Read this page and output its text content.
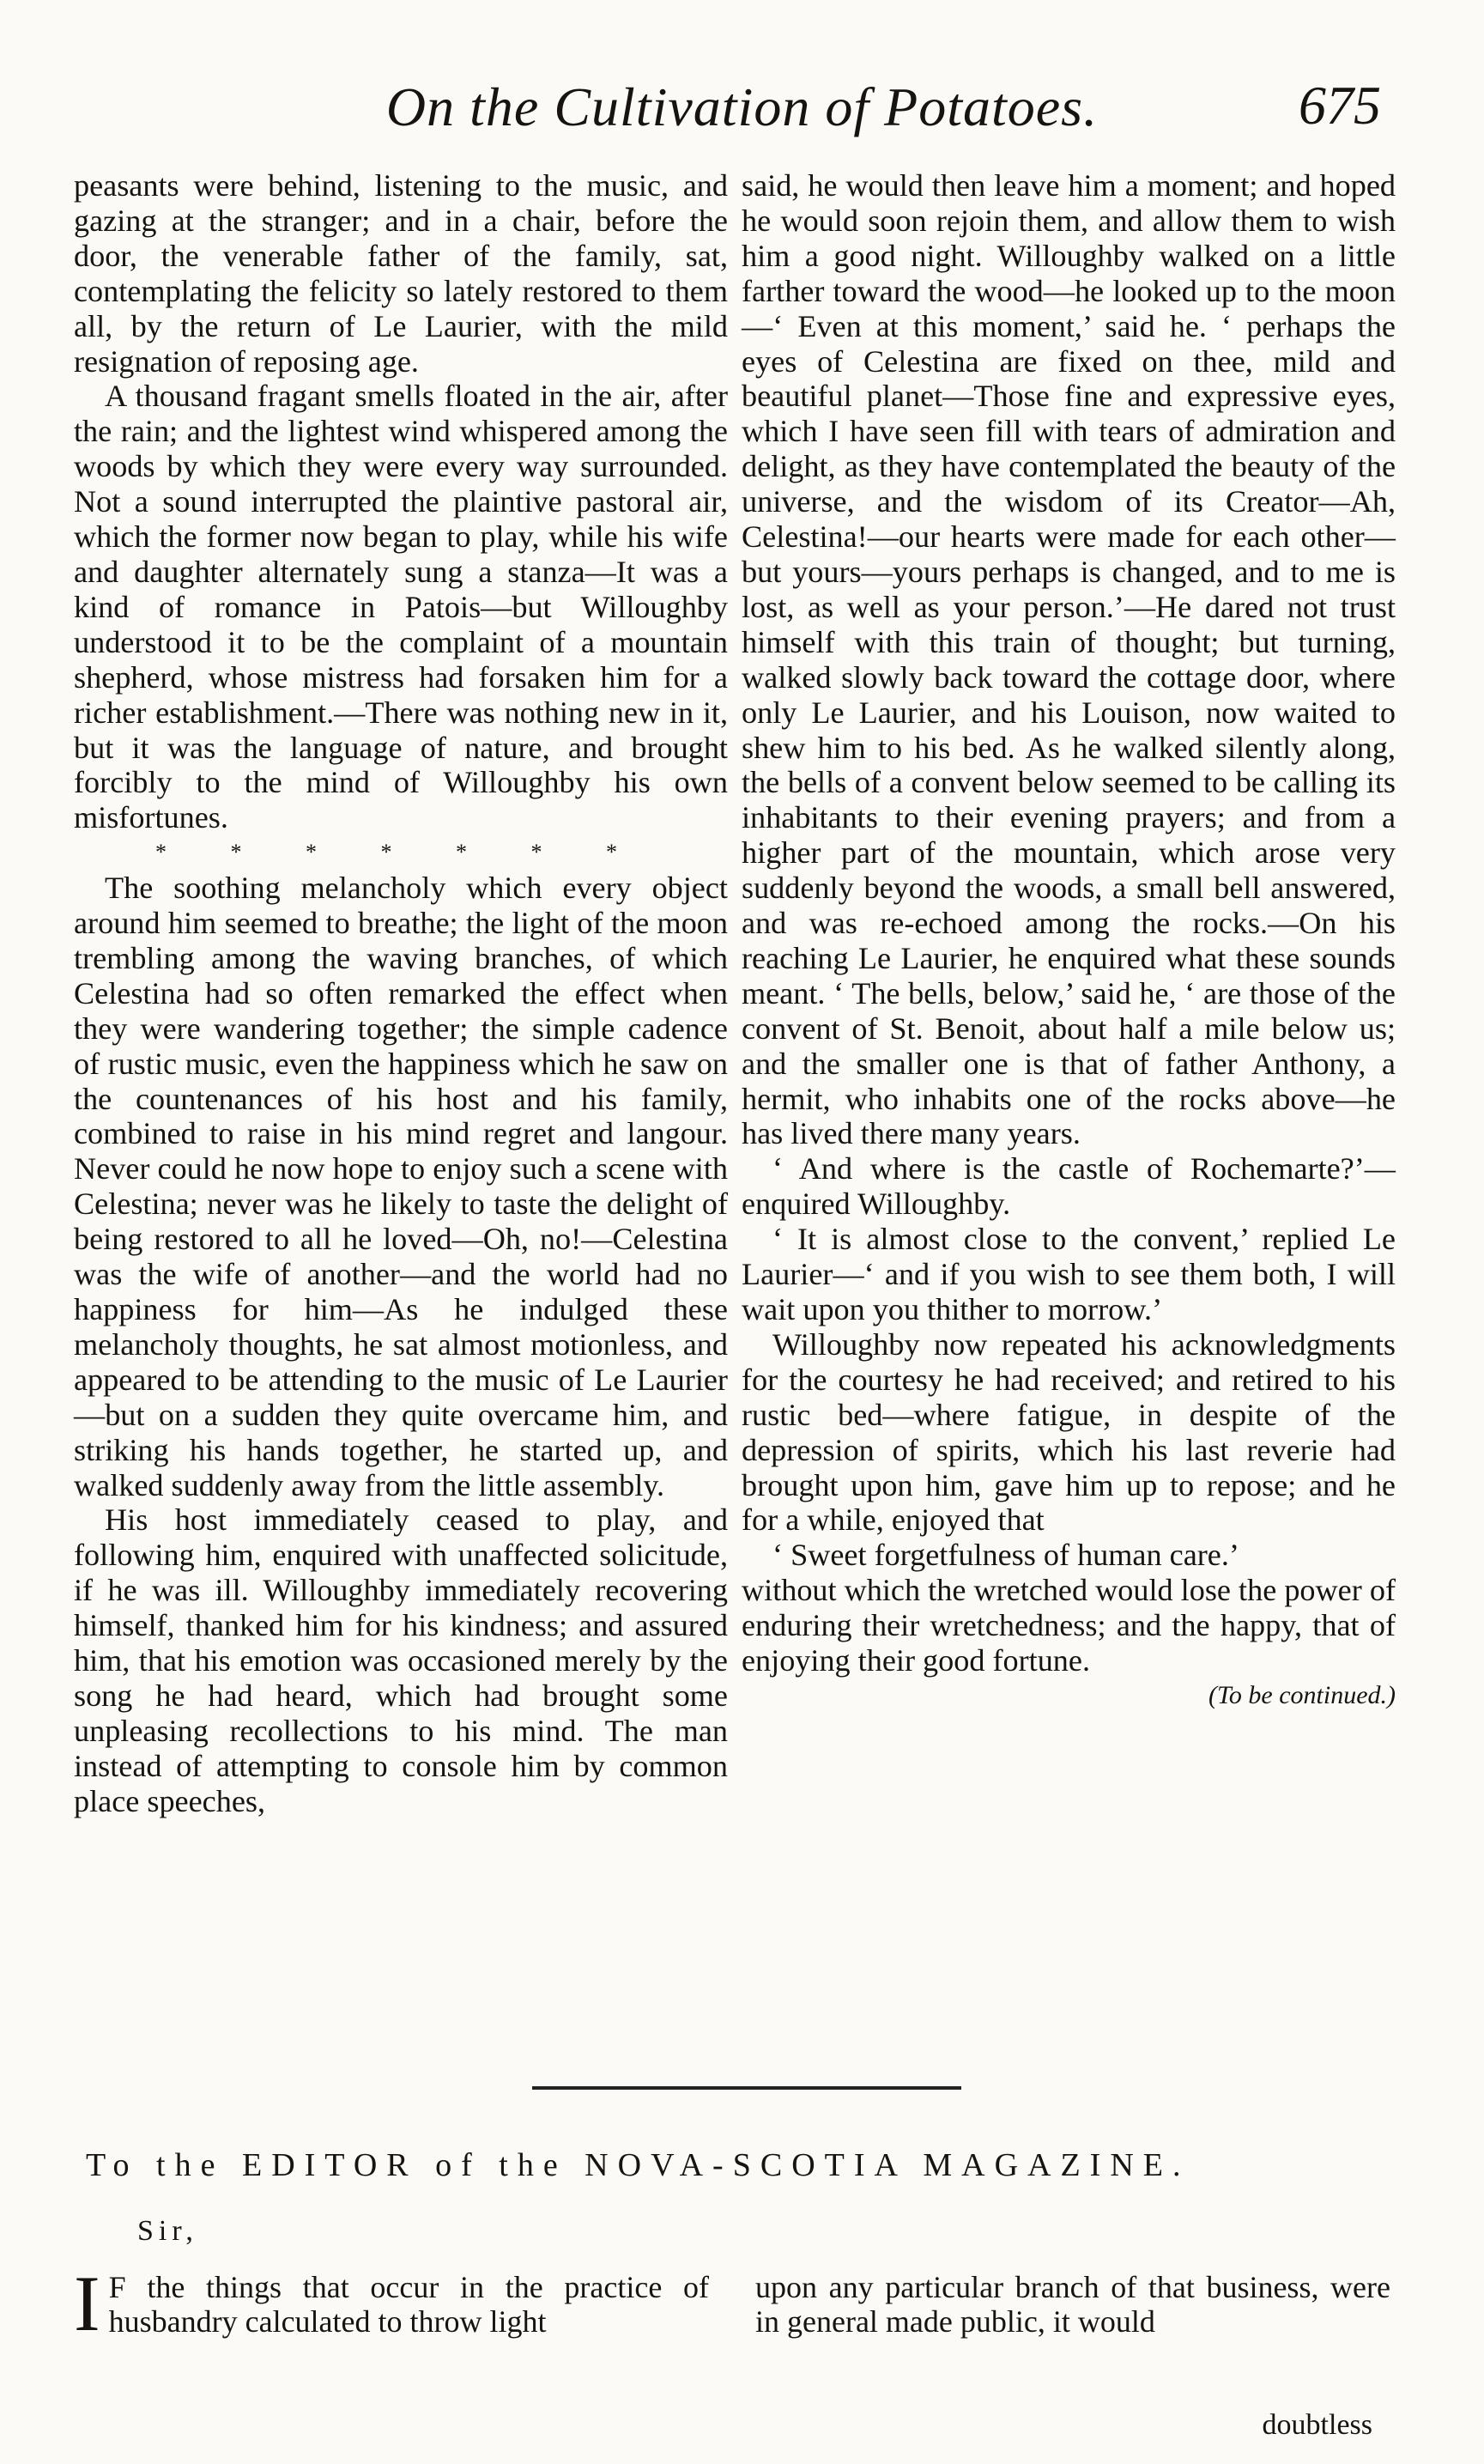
On the Cultivation of Potatoes.	675

peasants were behind, listening to the music, and gazing at the stranger; and in a chair, before the door, the venerable father of the family, sat, contemplating the felicity so lately restored to them all, by the return of Le Laurier, with the mild resignation of reposing age.

A thousand fragant smells floated in the air, after the rain; and the lightest wind whispered among the woods by which they were every way surrounded. Not a sound interrupted the plaintive pastoral air, which the former now began to play, while his wife and daughter alternately sung a stanza—It was a kind of romance in Patois—but Willoughby understood it to be the complaint of a mountain shepherd, whose mistress had forsaken him for a richer establishment.—There was nothing new in it, but it was the language of nature, and brought forcibly to the mind of Willoughby his own misfortunes.

* * * * * * *

The soothing melancholy which every object around him seemed to breathe; the light of the moon trembling among the waving branches, of which Celestina had so often remarked the effect when they were wandering together; the simple cadence of rustic music, even the happiness which he saw on the countenances of his host and his family, combined to raise in his mind regret and langour. Never could he now hope to enjoy such a scene with Celestina; never was he likely to taste the delight of being restored to all he loved—Oh, no!—Celestina was the wife of another—and the world had no happiness for him—As he indulged these melancholy thoughts, he sat almost motionless, and appeared to be attending to the music of Le Laurier—but on a sudden they quite overcame him, and striking his hands together, he started up, and walked suddenly away from the little assembly.

His host immediately ceased to play, and following him, enquired with unaffected solicitude, if he was ill. Willoughby immediately recovering himself, thanked him for his kindness; and assured him, that his emotion was occasioned merely by the song he had heard, which had brought some unpleasing recollections to his mind. The man instead of attempting to console him by common place speeches,

said, he would then leave him a moment; and hoped he would soon rejoin them, and allow them to wish him a good night. Willoughby walked on a little farther toward the wood—he looked up to the moon—‘ Even at this moment,’ said he. ‘ perhaps the eyes of Celestina are fixed on thee, mild and beautiful planet—Those fine and expressive eyes, which I have seen fill with tears of admiration and delight, as they have contemplated the beauty of the universe, and the wisdom of its Creator—Ah, Celestina!—our hearts were made for each other—but yours—yours perhaps is changed, and to me is lost, as well as your person.’—He dared not trust himself with this train of thought; but turning, walked slowly back toward the cottage door, where only Le Laurier, and his Louison, now waited to shew him to his bed. As he walked silently along, the bells of a convent below seemed to be calling its inhabitants to their evening prayers; and from a higher part of the mountain, which arose very suddenly beyond the woods, a small bell answered, and was re-echoed among the rocks.—On his reaching Le Laurier, he enquired what these sounds meant. ‘ The bells, below,’ said he, ‘ are those of the convent of St. Benoit, about half a mile below us; and the smaller one is that of father Anthony, a hermit, who inhabits one of the rocks above—he has lived there many years.

‘ And where is the castle of Rochemarte?’—enquired Willoughby.

‘ It is almost close to the convent,’ replied Le Laurier—‘ and if you wish to see them both, I will wait upon you thither to morrow.’

Willoughby now repeated his acknowledgments for the courtesy he had received; and retired to his rustic bed—where fatigue, in despite of the depression of spirits, which his last reverie had brought upon him, gave him up to repose; and he for a while, enjoyed that

‘ Sweet forgetfulness of human care.’

without which the wretched would lose the power of enduring their wretchedness; and the happy, that of enjoying their good fortune.

(To be continued.)

To the EDITOR of the NOVA-SCOTIA MAGAZINE.
Sir,
I F the things that occur in the practice of husbandry calculated to throw light
upon any particular branch of that business, were in general made public, it would
doubtless
